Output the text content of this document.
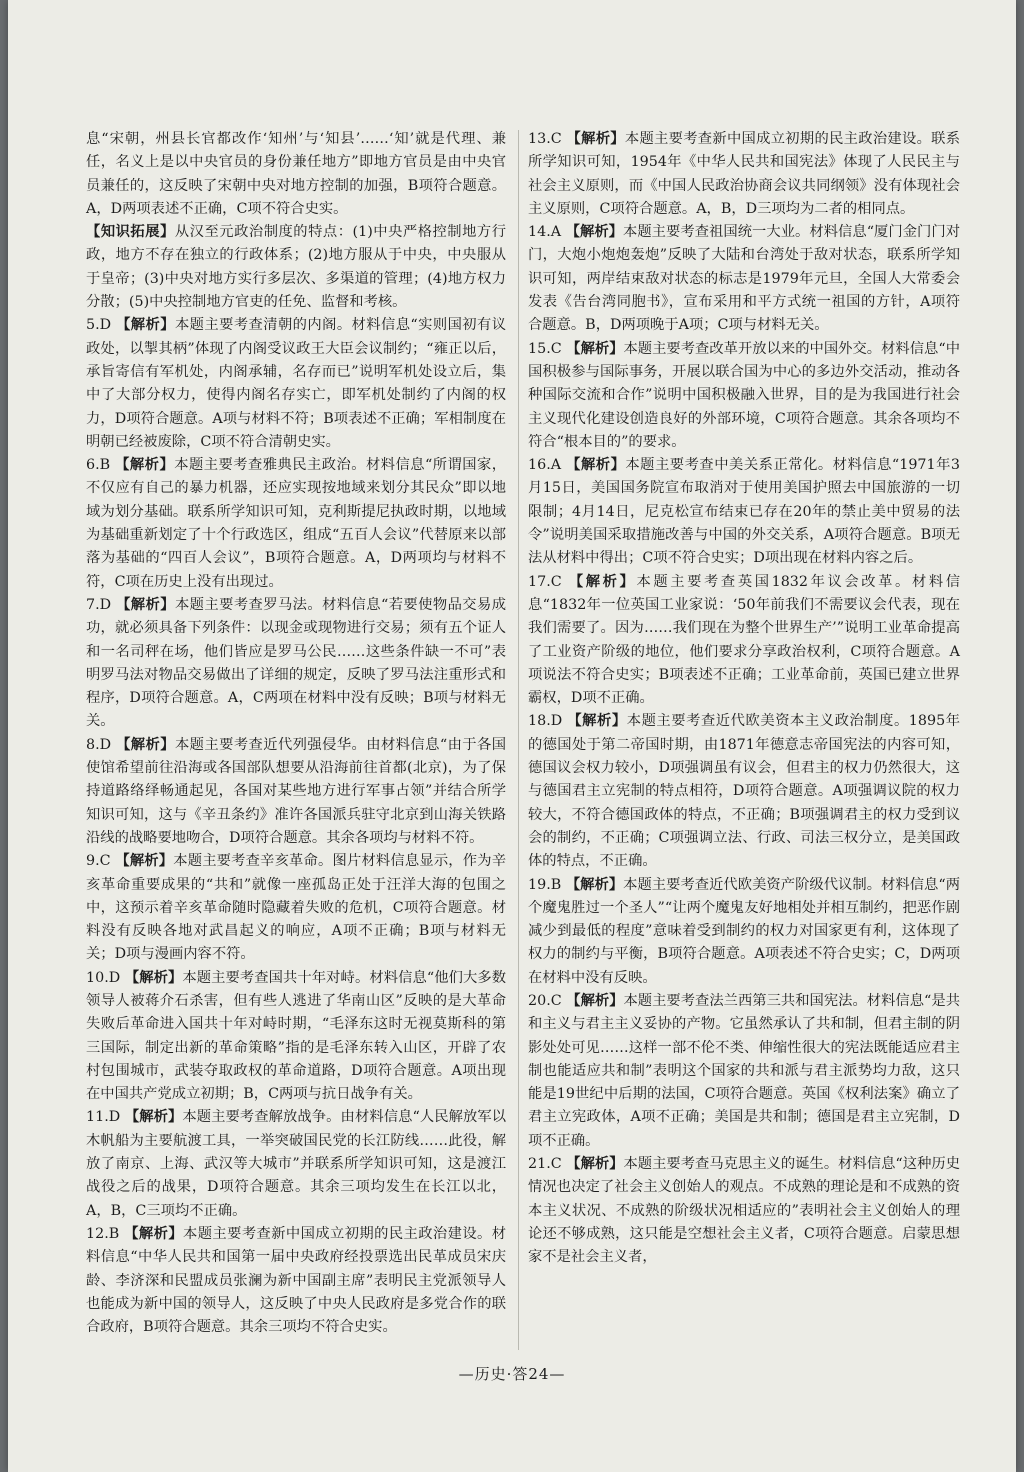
息“宋朝，州县长官都改作‘知州’与‘知县’……‘知’就是代理、兼任，名义上是以中央官员的身份兼任地方”即地方官员是由中央官员兼任的，这反映了宋朝中央对地方控制的加强，B项符合题意。A，D两项表述不正确，C项不符合史实。

【 知识拓展 】 从汉至元政治制度的特点：(1)中央严格控制地方行政，地方不存在独立的行政体系；(2)地方服从于中央，中央服从于皇帝；(3)中央对地方实行多层次、多渠道的管理；(4)地方权力分散；(5)中央控制地方官吏的任免、监督和考核。

5.D 【 解析 】 本题主要考查清朝的内阁。材料信息“实则国初有议政处，以掣其柄”体现了内阁受议政王大臣会议制约；“雍正以后，承旨寄信有军机处，内阁承辅，名存而已”说明军机处设立后，集中了大部分权力，使得内阁名存实亡，即军机处制约了内阁的权力，D项符合题意。A项与材料不符；B项表述不正确；军相制度在明朝已经被废除，C项不符合清朝史实。

6.B 【 解析 】 本题主要考查雅典民主政治。材料信息“所谓国家，不仅应有自己的暴力机器，还应实现按地域来划分其民众”即以地域为划分基础。联系所学知识可知，克利斯提尼执政时期，以地域为基础重新划定了十个行政选区，组成“五百人会议”代替原来以部落为基础的“四百人会议”，B项符合题意。A，D两项均与材料不符，C项在历史上没有出现过。

7.D 【 解析 】 本题主要考查罗马法。材料信息“若要使物品交易成功，就必须具备下列条件：以现金或现物进行交易；须有五个证人和一名司秤在场，他们皆应是罗马公民……这些条件缺一不可”表明罗马法对物品交易做出了详细的规定，反映了罗马法注重形式和程序，D项符合题意。A，C两项在材料中没有反映；B项与材料无关。

8.D 【 解析 】 本题主要考查近代列强侵华。由材料信息“由于各国使馆希望前往沿海或各国部队想要从沿海前往首都(北京)，为了保持道路络绎畅通起见，各国对某些地方进行军事占领”并结合所学知识可知，这与《辛丑条约》准许各国派兵驻守北京到山海关铁路沿线的战略要地吻合，D项符合题意。其余各项均与材料不符。

9.C 【 解析 】 本题主要考查辛亥革命。图片材料信息显示，作为辛亥革命重要成果的“共和”就像一座孤岛正处于汪洋大海的包围之中，这预示着辛亥革命随时隐藏着失败的危机，C项符合题意。材料没有反映各地对武昌起义的响应，A项不正确；B项与材料无关；D项与漫画内容不符。

10.D 【 解析 】 本题主要考查国共十年对峙。材料信息“他们大多数领导人被蒋介石杀害，但有些人逃进了华南山区”反映的是大革命失败后革命进入国共十年对峙时期，“毛泽东这时无视莫斯科的第三国际，制定出新的革命策略”指的是毛泽东转入山区，开辟了农村包围城市，武装夺取政权的革命道路，D项符合题意。A项出现在中国共产党成立初期；B，C两项与抗日战争有关。

11.D 【 解析 】 本题主要考查解放战争。由材料信息“人民解放军以木帆船为主要航渡工具，一举突破国民党的长江防线……此役，解放了南京、上海、武汉等大城市”并联系所学知识可知，这是渡江战役之后的战果，D项符合题意。其余三项均发生在长江以北，A，B，C三项均不正确。

12.B 【 解析 】 本题主要考查新中国成立初期的民主政治建设。材料信息“中华人民共和国第一届中央政府经投票选出民革成员宋庆龄、李济深和民盟成员张澜为新中国副主席”表明民主党派领导人也能成为新中国的领导人，这反映了中央人民政府是多党合作的联合政府，B项符合题意。其余三项均不符合史实。

13.C 【 解析 】 本题主要考查新中国成立初期的民主政治建设。联系所学知识可知，1954年《中华人民共和国宪法》体现了人民民主与社会主义原则，而《中国人民政治协商会议共同纲领》没有体现社会主义原则，C项符合题意。A，B，D三项均为二者的相同点。

14.A 【 解析 】 本题主要考查祖国统一大业。材料信息“厦门金门门对门，大炮小炮炮轰炮”反映了大陆和台湾处于敌对状态，联系所学知识可知，两岸结束敌对状态的标志是1979年元旦，全国人大常委会发表《告台湾同胞书》，宣布采用和平方式统一祖国的方针，A项符合题意。B，D两项晚于A项；C项与材料无关。

15.C 【 解析 】 本题主要考查改革开放以来的中国外交。材料信息“中国积极参与国际事务，开展以联合国为中心的多边外交活动，推动各种国际交流和合作”说明中国积极融入世界，目的是为我国进行社会主义现代化建设创造良好的外部环境，C项符合题意。其余各项均不符合“根本目的”的要求。

16.A 【 解析 】 本题主要考查中美关系正常化。材料信息“1971年3月15日，美国国务院宣布取消对于使用美国护照去中国旅游的一切限制；4月14日，尼克松宣布结束已存在20年的禁止美中贸易的法令”说明美国采取措施改善与中国的外交关系，A项符合题意。B项无法从材料中得出；C项不符合史实；D项出现在材料内容之后。

17.C 【 解析 】 本题主要考查英国1832年议会改革。材料信息“1832年一位英国工业家说：‘50年前我们不需要议会代表，现在我们需要了。因为……我们现在为整个世界生产’”说明工业革命提高了工业资产阶级的地位，他们要求分享政治权利，C项符合题意。A项说法不符合史实；B项表述不正确；工业革命前，英国已建立世界霸权，D项不正确。

18.D 【 解析 】 本题主要考查近代欧美资本主义政治制度。1895年的德国处于第二帝国时期，由1871年德意志帝国宪法的内容可知，德国议会权力较小，D项强调虽有议会，但君主的权力仍然很大，这与德国君主立宪制的特点相符，D项符合题意。A项强调议院的权力较大，不符合德国政体的特点，不正确；B项强调君主的权力受到议会的制约，不正确；C项强调立法、行政、司法三权分立，是美国政体的特点，不正确。

19.B 【 解析 】 本题主要考查近代欧美资产阶级代议制。材料信息“两个魔鬼胜过一个圣人”“让两个魔鬼友好地相处并相互制约，把恶作剧减少到最低的程度”意味着受到制约的权力对国家更有利，这体现了权力的制约与平衡，B项符合题意。A项表述不符合史实；C，D两项在材料中没有反映。

20.C 【 解析 】 本题主要考查法兰西第三共和国宪法。材料信息“是共和主义与君主主义妥协的产物。它虽然承认了共和制，但君主制的阴影处处可见……这样一部不伦不类、伸缩性很大的宪法既能适应君主制也能适应共和制”表明这个国家的共和派与君主派势均力敌，这只能是19世纪中后期的法国，C项符合题意。英国《权利法案》确立了君主立宪政体，A项不正确；美国是共和制；德国是君主立宪制，D项不正确。

21.C 【 解析 】 本题主要考查马克思主义的诞生。材料信息“这种历史情况也决定了社会主义创始人的观点。不成熟的理论是和不成熟的资本主义状况、不成熟的阶级状况相适应的”表明社会主义创始人的理论还不够成熟，这只能是空想社会主义者，C项符合题意。启蒙思想家不是社会主义者，

—历史·答24—
